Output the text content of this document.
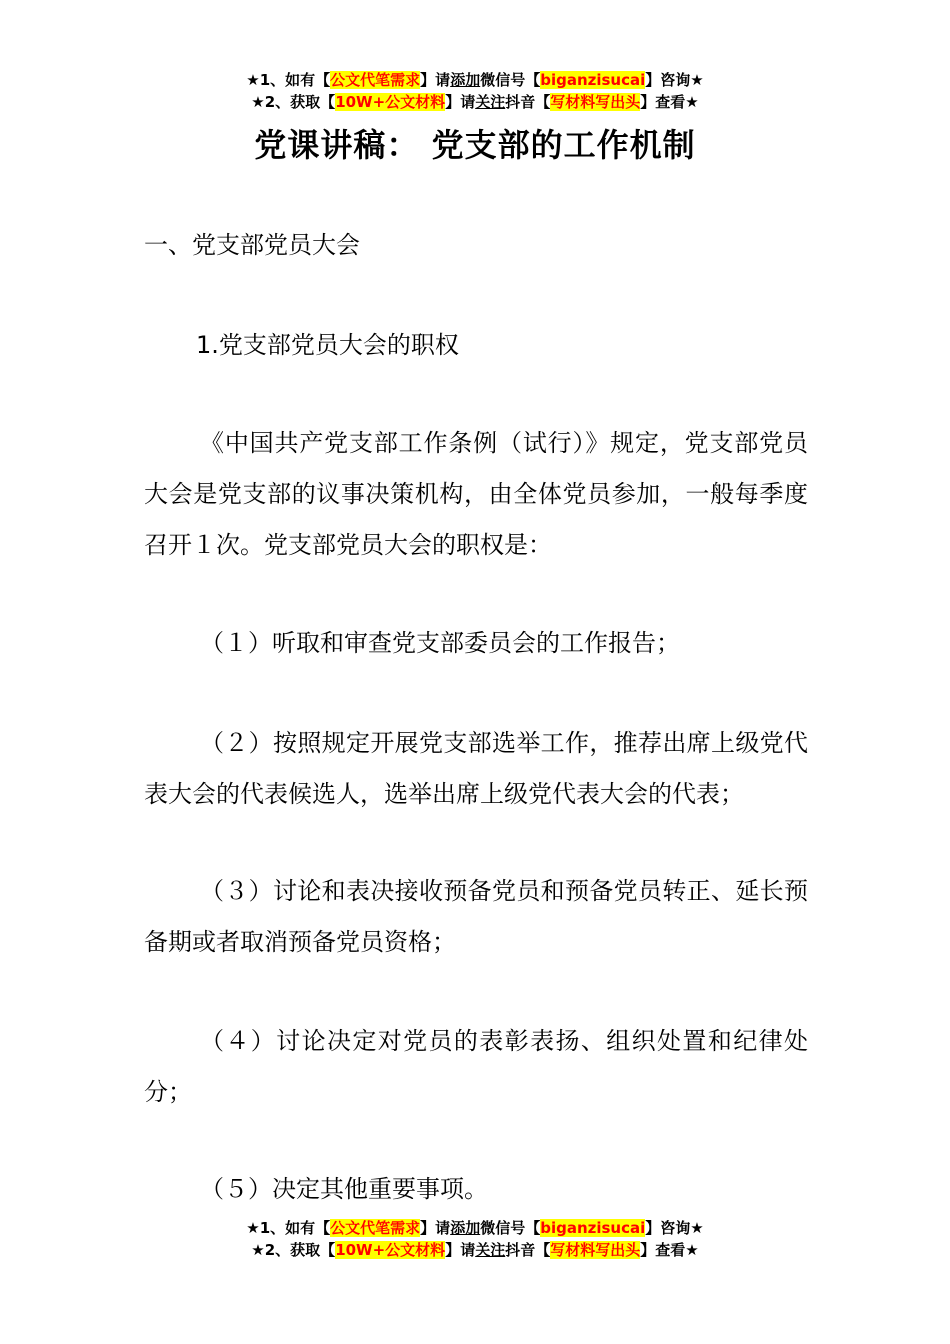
★1、如有【公文代笔需求】请添加微信号【biganzisucai】咨询★
★2、获取【10W+公文材料】请关注抖音【写材料写出头】查看★
党课讲稿： 党支部的工作机制

一、党支部党员大会

1.党支部党员大会的职权

《中国共产党支部工作条例（试行）》规定，党支部党员大会是党支部的议事决策机构，由全体党员参加，一般每季度召开１次。党支部党员大会的职权是：

（１）听取和审查党支部委员会的工作报告；

（２）按照规定开展党支部选举工作，推荐出席上级党代表大会的代表候选人，选举出席上级党代表大会的代表；

（３）讨论和表决接收预备党员和预备党员转正、延长预备期或者取消预备党员资格；

（４）讨论决定对党员的表彰表扬、组织处置和纪律处分；

（５）决定其他重要事项。

★1、如有【公文代笔需求】请添加微信号【biganzisucai】咨询★
★2、获取【10W+公文材料】请关注抖音【写材料写出头】查看★
